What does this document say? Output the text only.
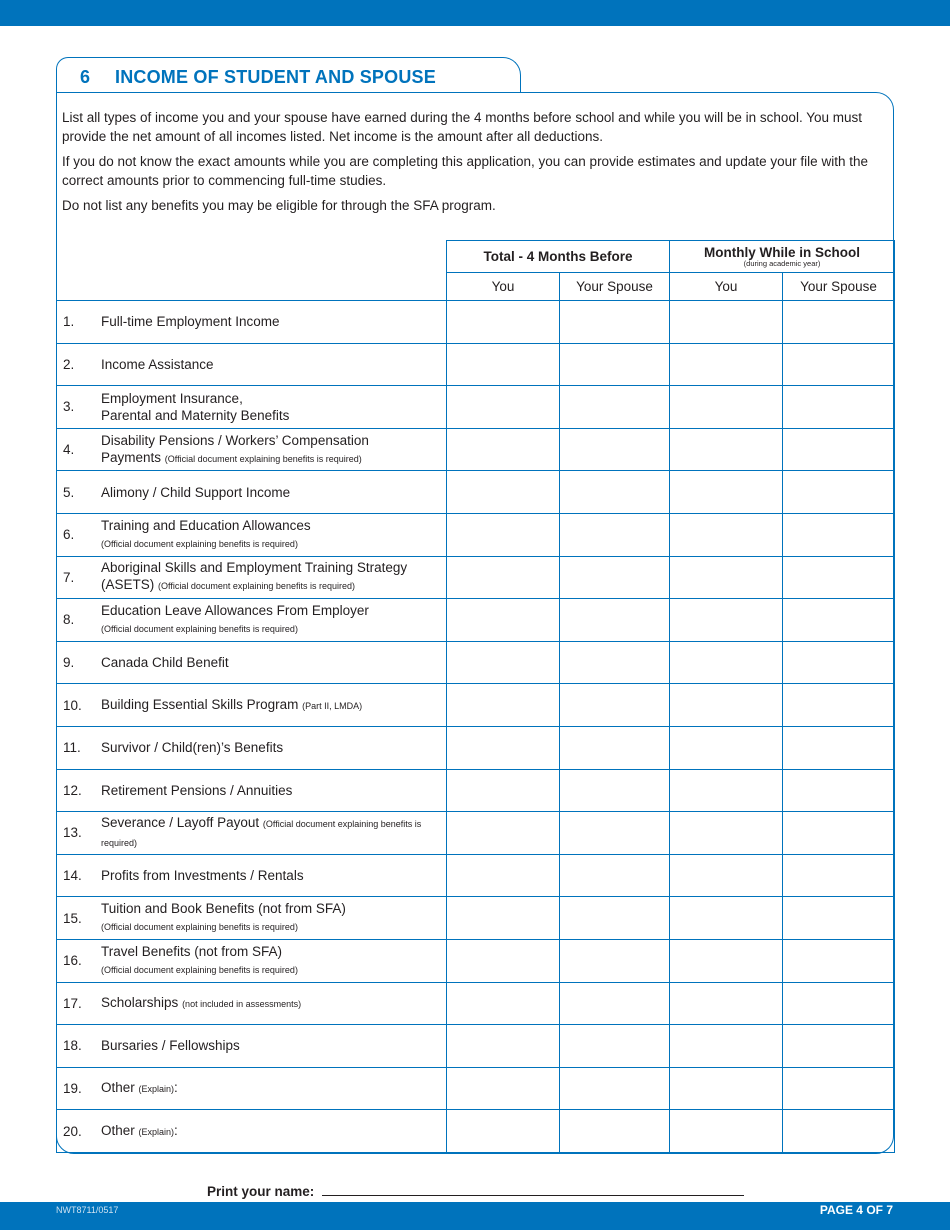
6 INCOME OF STUDENT AND SPOUSE

List all types of income you and your spouse have earned during the 4 months before school and while you will be in school. You must provide the net amount of all incomes listed. Net income is the amount after all deductions.

If you do not know the exact amounts while you are completing this application, you can provide estimates and update your file with the correct amounts prior to commencing full-time studies.

Do not list any benefits you may be eligible for through the SFA program.

	Total - 4 Months Before		Monthly While in School
(during academic year)	

	You	Your Spouse	You	Your Spouse
1. Full-time Employment Income				
2. Income Assistance				
3.Employment Insurance,
Parental and Maternity Benefits				
4.Disability Pensions / Workers’ Compensation
Payments (Official document explaining benefits is required)				
5. Alimony / Child Support Income				
6.Training and Education Allowances
(Official document explaining benefits is required)				
7.Aboriginal Skills and Employment Training Strategy
(ASETS) (Official document explaining benefits is required)				
8.Education Leave Allowances From Employer
(Official document explaining benefits is required)				
9. Canada Child Benefit				
10. Building Essential Skills Program (Part II, LMDA)				
11. Survivor / Child(ren)’s Benefits				
12. Retirement Pensions / Annuities				
13.Severance / Layoff Payout (Official document explaining benefits is required)				
14. Profits from Investments / Rentals				
15.Tuition and Book Benefits (not from SFA)
(Official document explaining benefits is required)				
16.Travel Benefits (not from SFA)
(Official document explaining benefits is required)				
17. Scholarships (not included in assessments)				
18. Bursaries / Fellowships				
19. Other (Explain):				
20. Other (Explain):				
Print your name:
NWT8711/0517	PAGE 4 OF 7
